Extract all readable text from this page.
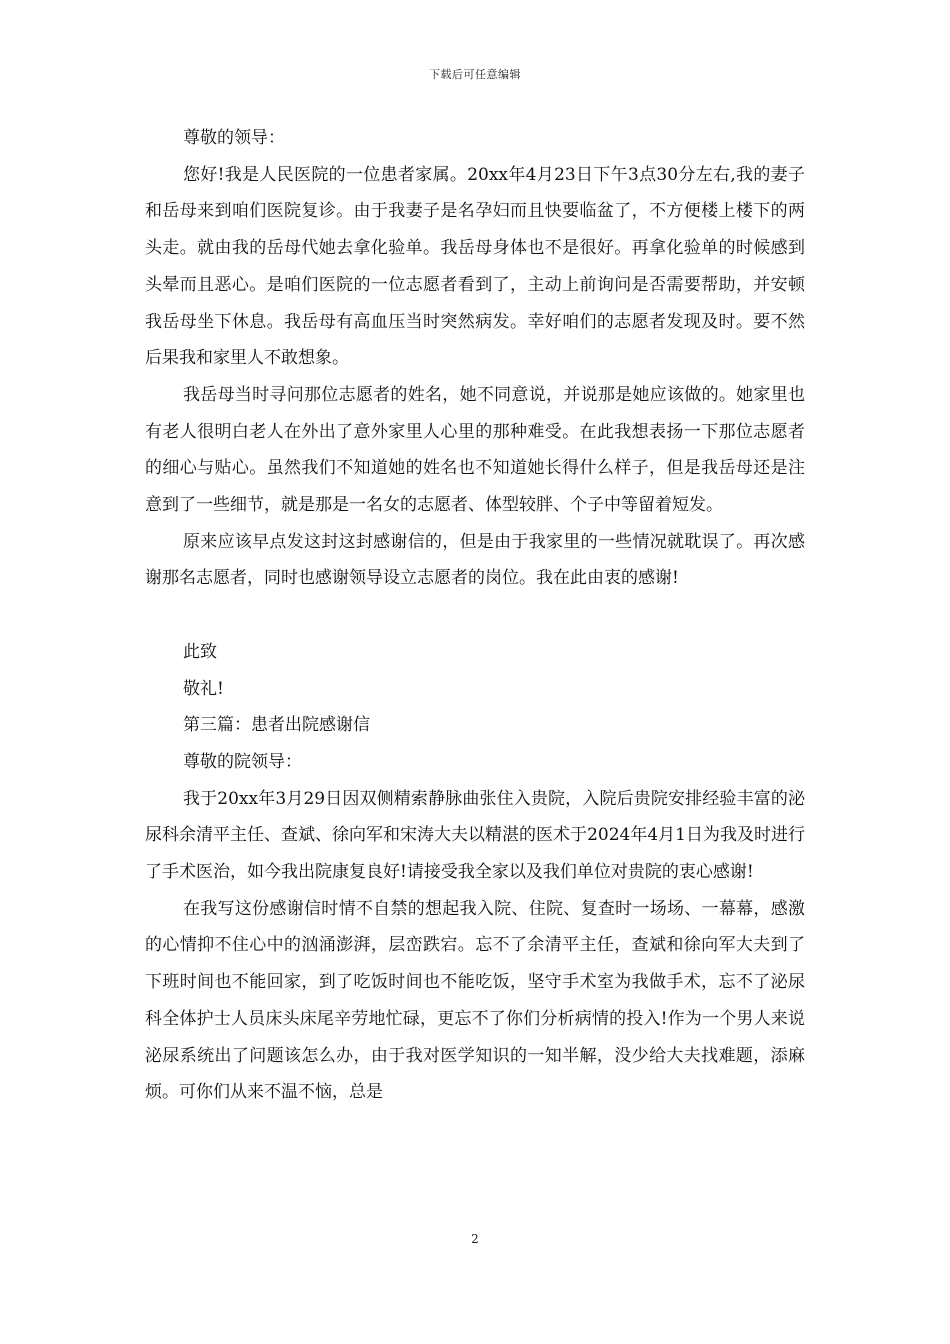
下载后可任意编辑

尊敬的领导：

您好!我是人民医院的一位患者家属。20xx年4月23日下午3点30分左右,我的妻子和岳母来到咱们医院复诊。由于我妻子是名孕妇而且快要临盆了，不方便楼上楼下的两头走。就由我的岳母代她去拿化验单。我岳母身体也不是很好。再拿化验单的时候感到头晕而且恶心。是咱们医院的一位志愿者看到了，主动上前询问是否需要帮助，并安顿我岳母坐下休息。我岳母有高血压当时突然病发。幸好咱们的志愿者发现及时。要不然后果我和家里人不敢想象。

我岳母当时寻问那位志愿者的姓名，她不同意说，并说那是她应该做的。她家里也有老人很明白老人在外出了意外家里人心里的那种难受。在此我想表扬一下那位志愿者的细心与贴心。虽然我们不知道她的姓名也不知道她长得什么样子，但是我岳母还是注意到了一些细节，就是那是一名女的志愿者、体型较胖、个子中等留着短发。

原来应该早点发这封这封感谢信的，但是由于我家里的一些情况就耽误了。再次感谢那名志愿者，同时也感谢领导设立志愿者的岗位。我在此由衷的感谢!

此致

敬礼!

第三篇：患者出院感谢信

尊敬的院领导：

我于20xx年3月29日因双侧精索静脉曲张住入贵院，入院后贵院安排经验丰富的泌尿科余清平主任、查斌、徐向军和宋涛大夫以精湛的医术于2024年4月1日为我及时进行了手术医治，如今我出院康复良好!请接受我全家以及我们单位对贵院的衷心感谢!

在我写这份感谢信时情不自禁的想起我入院、住院、复查时一场场、一幕幕，感激的心情抑不住心中的汹涌澎湃，层峦跌宕。忘不了余清平主任，查斌和徐向军大夫到了下班时间也不能回家，到了吃饭时间也不能吃饭，坚守手术室为我做手术，忘不了泌尿科全体护士人员床头床尾辛劳地忙碌，更忘不了你们分析病情的投入!作为一个男人来说泌尿系统出了问题该怎么办，由于我对医学知识的一知半解，没少给大夫找难题，添麻烦。可你们从来不温不恼，总是

2
